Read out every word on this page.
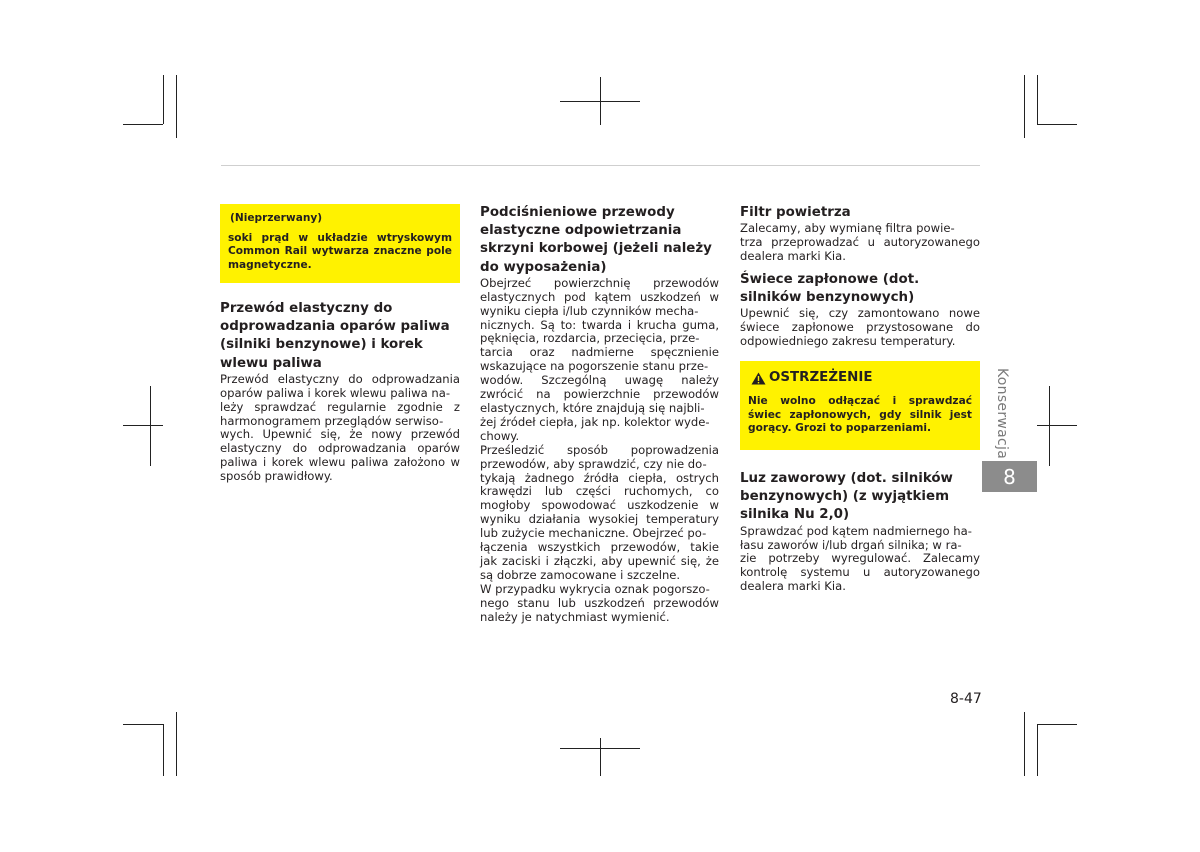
(Nieprzerwany)

soki prąd w układzie wtryskowym Common Rail wytwarza znaczne pole magnetyczne.

Przewód elastyczny do odprowadzania oparów paliwa (silniki benzynowe) i korek wlewu paliwa

Przewód elastyczny do odprowadzania oparów paliwa i korek wlewu paliwa na-
leży sprawdzać regularnie zgodnie z harmonogramem przeglądów serwiso-
wych. Upewnić się, że nowy przewód elastyczny do odprowadzania oparów paliwa i korek wlewu paliwa założono w sposób prawidłowy.

Podciśnieniowe przewody elastyczne odpowietrzania skrzyni korbowej (jeżeli należy do wyposażenia)

Obejrzeć powierzchnię przewodów elastycznych pod kątem uszkodzeń w wyniku ciepła i/lub czynników mecha-
nicznych. Są to: twarda i krucha guma, pęknięcia, rozdarcia, przecięcia, prze-
tarcia oraz nadmierne spęcznienie wskazujące na pogorszenie stanu prze-
wodów. Szczególną uwagę należy zwrócić na powierzchnie przewodów elastycznych, które znajdują się najbli-
żej źródeł ciepła, jak np. kolektor wyde-
chowy.

Prześledzić sposób poprowadzenia przewodów, aby sprawdzić, czy nie do-
tykają żadnego źródła ciepła, ostrych krawędzi lub części ruchomych, co mogłoby spowodować uszkodzenie w wyniku działania wysokiej temperatury lub zużycie mechaniczne. Obejrzeć po-
łączenia wszystkich przewodów, takie jak zaciski i złączki, aby upewnić się, że są dobrze zamocowane i szczelne.

W przypadku wykrycia oznak pogorszo-
nego stanu lub uszkodzeń przewodów należy je natychmiast wymienić.

Filtr powietrza

Zalecamy, aby wymianę filtra powie-
trza przeprowadzać u autoryzowanego dealera marki Kia.

Świece zapłonowe (dot. silników benzynowych)

Upewnić się, czy zamontowano nowe świece zapłonowe przystosowane do odpowiedniego zakresu temperatury.

OSTRZEŻENIE

Nie wolno odłączać i sprawdzać świec zapłonowych, gdy silnik jest gorący. Grozi to poparzeniami.

Luz zaworowy (dot. silników benzynowych) (z wyjątkiem silnika Nu 2,0)

Sprawdzać pod kątem nadmiernego ha-
łasu zaworów i/lub drgań silnika; w ra-
zie potrzeby wyregulować. Zalecamy kontrolę systemu u autoryzowanego dealera marki Kia.

Konserwacja
8
8-47
